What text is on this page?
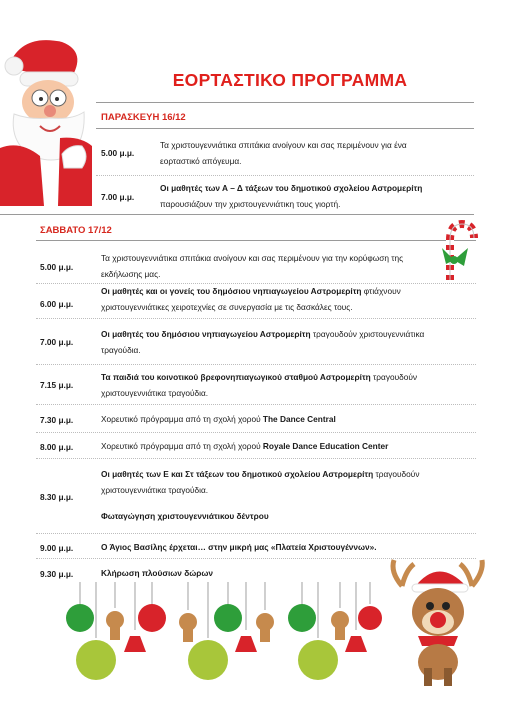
ΕΟΡΤΑΣΤΙΚΟ ΠΡΟΓΡΑΜΜΑ
ΠΑΡΑΣΚΕΥΗ 16/12
5.00 μ.μ.
Τα χριστουγεννιάτικα σπιτάκια ανοίγουν και σας περιμένουν για ένα
εορταστικό απόγευμα.
7.00 μ.μ.
Οι μαθητές των Α – Δ τάξεων του δημοτικού σχολείου Αστρομερίτη
παρουσιάζουν την χριστουγεννιάτικη τους γιορτή.
ΣΑΒΒΑΤΟ 17/12
5.00 μ.μ.
Τα χριστουγεννιάτικα σπιτάκια ανοίγουν και σας περιμένουν για την κορύφωση της
εκδήλωσης μας.
6.00 μ.μ.
Οι μαθητές και οι γονείς του δημόσιου νηπιαγωγείου Αστρομερίτη φτιάχνουν
χριστουγεννιάτικες χειροτεχνίες σε συνεργασία με τις δασκάλες τους.
7.00 μ.μ.
Οι μαθητές του δημόσιου νηπιαγωγείου Αστρομερίτη τραγουδούν χριστουγεννιάτικα
τραγούδια.
7.15 μ.μ.
Τα παιδιά του κοινοτικού βρεφονηπιαγωγικού σταθμού Αστρομερίτη τραγουδούν
χριστουγεννιάτικα τραγούδια.
7.30 μ.μ.	Χορευτικό πρόγραμμα από τη σχολή χορού The Dance Central
8.00 μ.μ.	Χορευτικό πρόγραμμα από τη σχολή χορού Royale Dance Education Center
8.30 μ.μ.
Οι μαθητές των Ε και Στ τάξεων του δημοτικού σχολείου Αστρομερίτη τραγουδούν
χριστουγεννιάτικα τραγούδια.
Φωταγώγηση χριστουγεννιάτικου δέντρου
9.00 μ.μ.	Ο Άγιος Βασίλης έρχεται… στην μικρή μας «Πλατεία Χριστουγέννων».
9.30 μ.μ.	Κλήρωση πλούσιων δώρων
